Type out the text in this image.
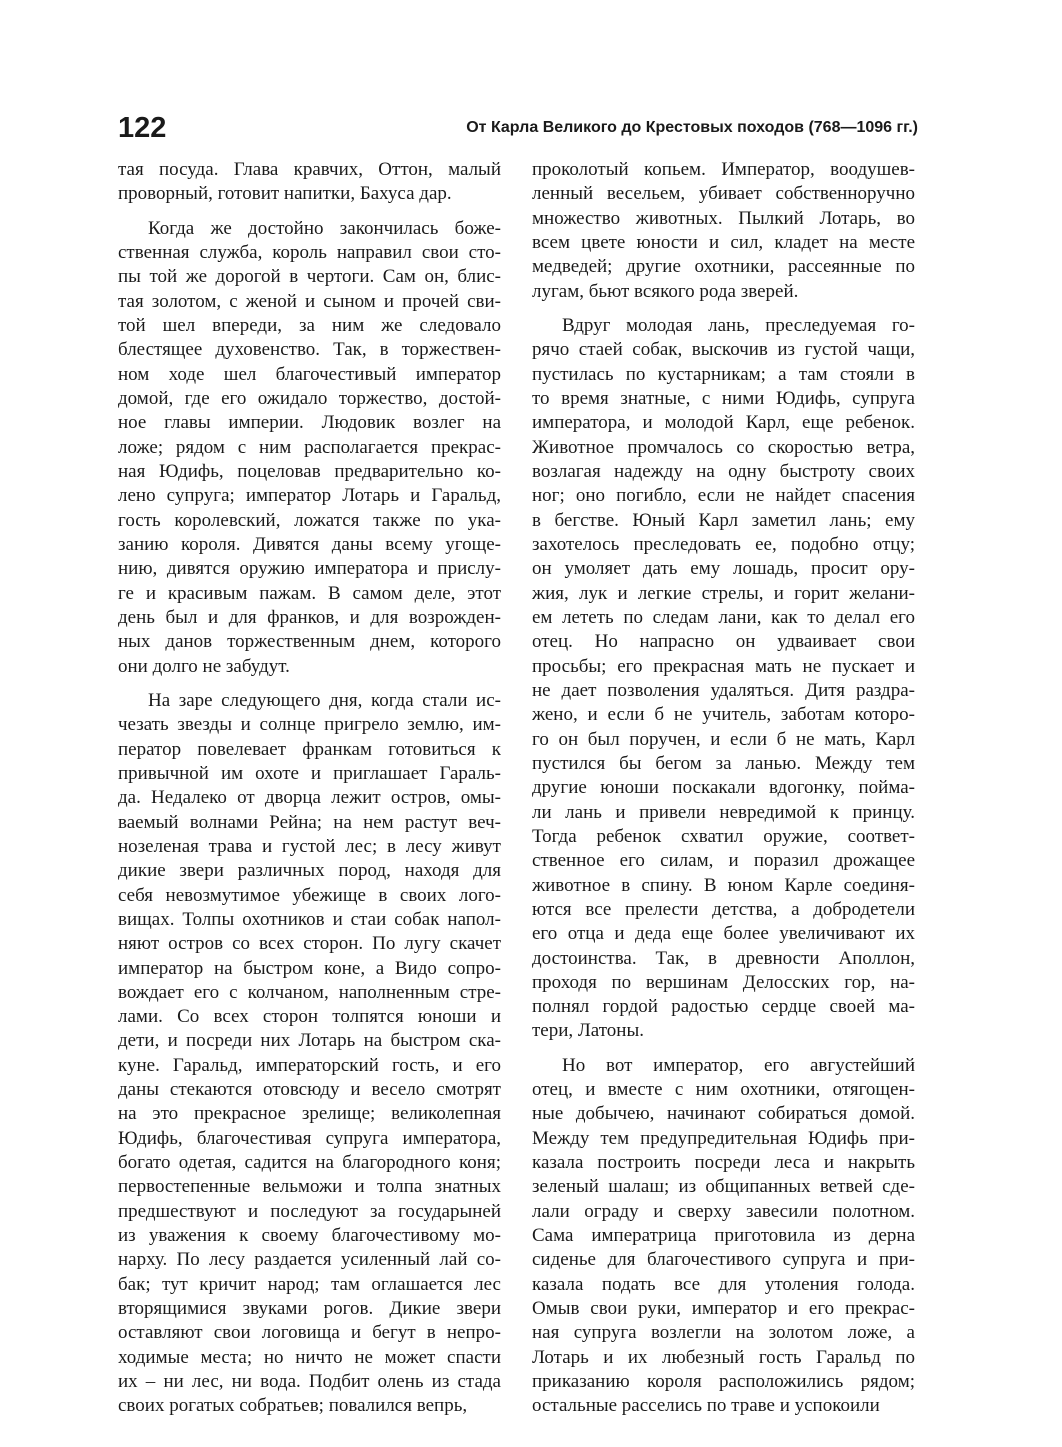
122	От Карла Великого до Крестовых походов (768—1096 гг.)
тая посуда. Глава кравчих, Оттон, малый
проворный, готовит напитки, Бахуса дар.
Когда же достойно закончилась боже-
ственная служба, король направил свои сто-
пы той же дорогой в чертоги. Сам он, блис-
тая золотом, с женой и сыном и прочей сви-
той шел впереди, за ним же следовало
блестящее духовенство. Так, в торжествен-
ном ходе шел благочестивый император
домой, где его ожидало торжество, достой-
ное главы империи. Людовик возлег на
ложе; рядом с ним располагается прекрас-
ная Юдифь, поцеловав предварительно ко-
лено супруга; император Лотарь и Гаральд,
гость королевский, ложатся также по ука-
занию короля. Дивятся даны всему угоще-
нию, дивятся оружию императора и прислу-
ге и красивым пажам. В самом деле, этот
день был и для франков, и для возрожден-
ных данов торжественным днем, которого
они долго не забудут.
На заре следующего дня, когда стали ис-
чезать звезды и солнце пригрело землю, им-
ператор повелевает франкам готовиться к
привычной им охоте и приглашает Гараль-
да. Недалеко от дворца лежит остров, омы-
ваемый волнами Рейна; на нем растут веч-
нозеленая трава и густой лес; в лесу живут
дикие звери различных пород, находя для
себя невозмутимое убежище в своих лого-
вищах. Толпы охотников и стаи собак напол-
няют остров со всех сторон. По лугу скачет
император на быстром коне, а Видо сопро-
вождает его с колчаном, наполненным стре-
лами. Со всех сторон толпятся юноши и
дети, и посреди них Лотарь на быстром ска-
куне. Гаральд, императорский гость, и его
даны стекаются отовсюду и весело смотрят
на это прекрасное зрелище; великолепная
Юдифь, благочестивая супруга императора,
богато одетая, садится на благородного коня;
первостепенные вельможи и толпа знатных
предшествуют и последуют за государыней
из уважения к своему благочестивому мо-
нарху. По лесу раздается усиленный лай со-
бак; тут кричит народ; там оглашается лес
вторящимися звуками рогов. Дикие звери
оставляют свои логовища и бегут в непро-
ходимые места; но ничто не может спасти
их – ни лес, ни вода. Подбит олень из стада
своих рогатых собратьев; повалился вепрь,
проколотый копьем. Император, воодушев-
ленный весельем, убивает собственноручно
множество животных. Пылкий Лотарь, во
всем цвете юности и сил, кладет на месте
медведей; другие охотники, рассеянные по
лугам, бьют всякого рода зверей.
Вдруг молодая лань, преследуемая го-
рячо стаей собак, выскочив из густой чащи,
пустилась по кустарникам; а там стояли в
то время знатные, с ними Юдифь, супруга
императора, и молодой Карл, еще ребенок.
Животное промчалось со скоростью ветра,
возлагая надежду на одну быстроту своих
ног; оно погибло, если не найдет спасения
в бегстве. Юный Карл заметил лань; ему
захотелось преследовать ее, подобно отцу;
он умоляет дать ему лошадь, просит ору-
жия, лук и легкие стрелы, и горит желани-
ем лететь по следам лани, как то делал его
отец. Но напрасно он удваивает свои
просьбы; его прекрасная мать не пускает и
не дает позволения удаляться. Дитя раздра-
жено, и если б не учитель, заботам которо-
го он был поручен, и если б не мать, Карл
пустился бы бегом за ланью. Между тем
другие юноши поскакали вдогонку, пойма-
ли лань и привели невредимой к принцу.
Тогда ребенок схватил оружие, соответ-
ственное его силам, и поразил дрожащее
животное в спину. В юном Карле соединя-
ются все прелести детства, а добродетели
его отца и деда еще более увеличивают их
достоинства. Так, в древности Аполлон,
проходя по вершинам Делосских гор, на-
полнял гордой радостью сердце своей ма-
тери, Латоны.
Но вот император, его августейший
отец, и вместе с ним охотники, отягощен-
ные добычею, начинают собираться домой.
Между тем предупредительная Юдифь при-
казала построить посреди леса и накрыть
зеленый шалаш; из общипанных ветвей сде-
лали ограду и сверху завесили полотном.
Сама императрица приготовила из дерна
сиденье для благочестивого супруга и при-
казала подать все для утоления голода.
Омыв свои руки, император и его прекрас-
ная супруга возлегли на золотом ложе, а
Лотарь и их любезный гость Гаральд по
приказанию короля расположились рядом;
остальные расселись по траве и успокоили
